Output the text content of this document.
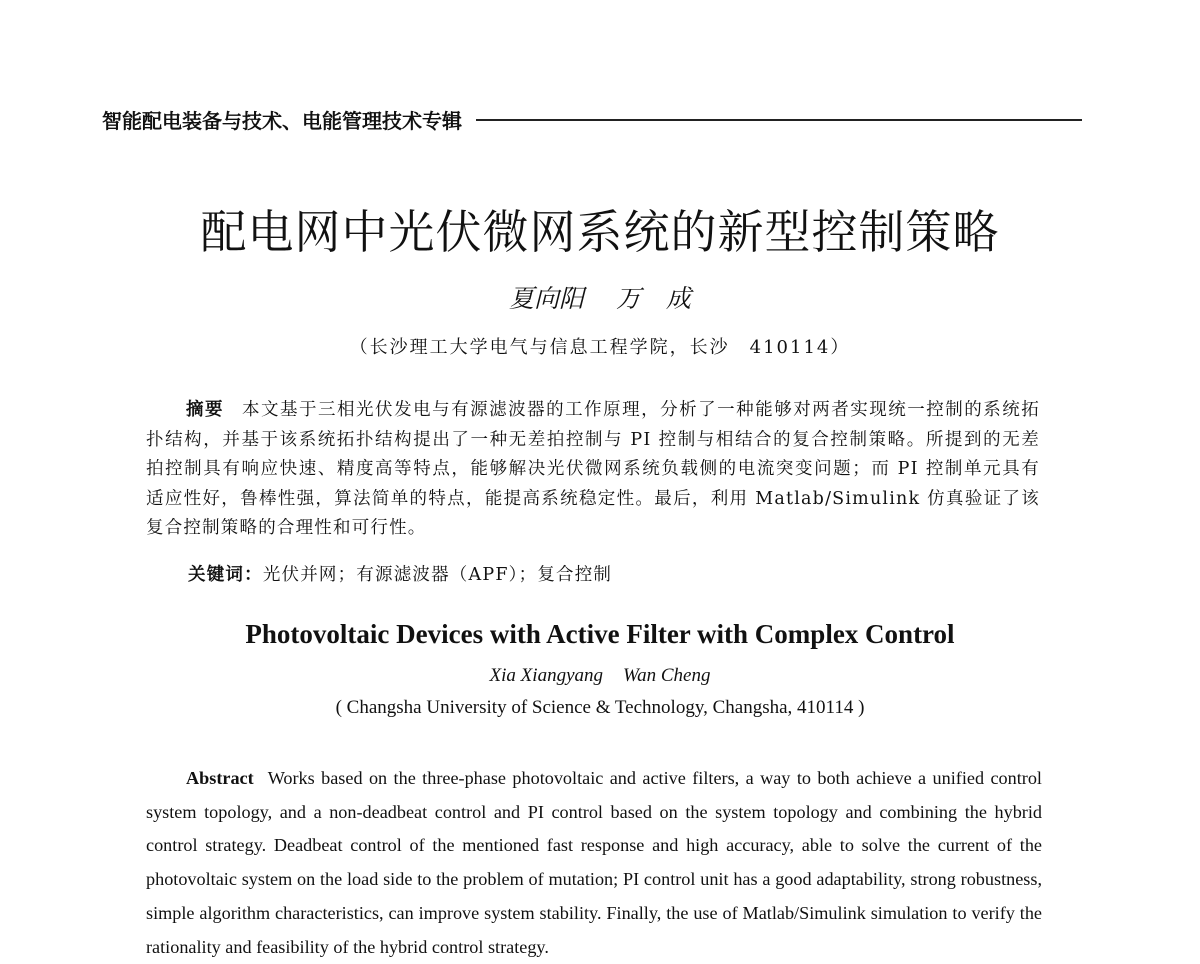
智能配电装备与技术、电能管理技术专辑
配电网中光伏微网系统的新型控制策略
夏向阳 万　成
（长沙理工大学电气与信息工程学院，长沙　410114）
摘要 本文基于三相光伏发电与有源滤波器的工作原理，分析了一种能够对两者实现统一控制的系统拓扑结构，并基于该系统拓扑结构提出了一种无差拍控制与 PI 控制与相结合的复合控制策略。所提到的无差拍控制具有响应快速、精度高等特点，能够解决光伏微网系统负载侧的电流突变问题；而 PI 控制单元具有适应性好，鲁棒性强，算法简单的特点，能提高系统稳定性。最后，利用 Matlab/Simulink 仿真验证了该复合控制策略的合理性和可行性。
关键词：光伏并网；有源滤波器（APF）；复合控制
Photovoltaic Devices with Active Filter with Complex Control
Xia Xiangyang Wan Cheng
( Changsha University of Science & Technology, Changsha, 410114 )
Abstract Works based on the three-phase photovoltaic and active filters, a way to both achieve a unified control system topology, and a non-deadbeat control and PI control based on the system topology and combining the hybrid control strategy. Deadbeat control of the mentioned fast response and high accuracy, able to solve the current of the photovoltaic system on the load side to the problem of mutation; PI control unit has a good adaptability, strong robustness, simple algorithm characteristics, can improve system stability. Finally, the use of Matlab/Simulink simulation to verify the rationality and feasibility of the hybrid control strategy.
